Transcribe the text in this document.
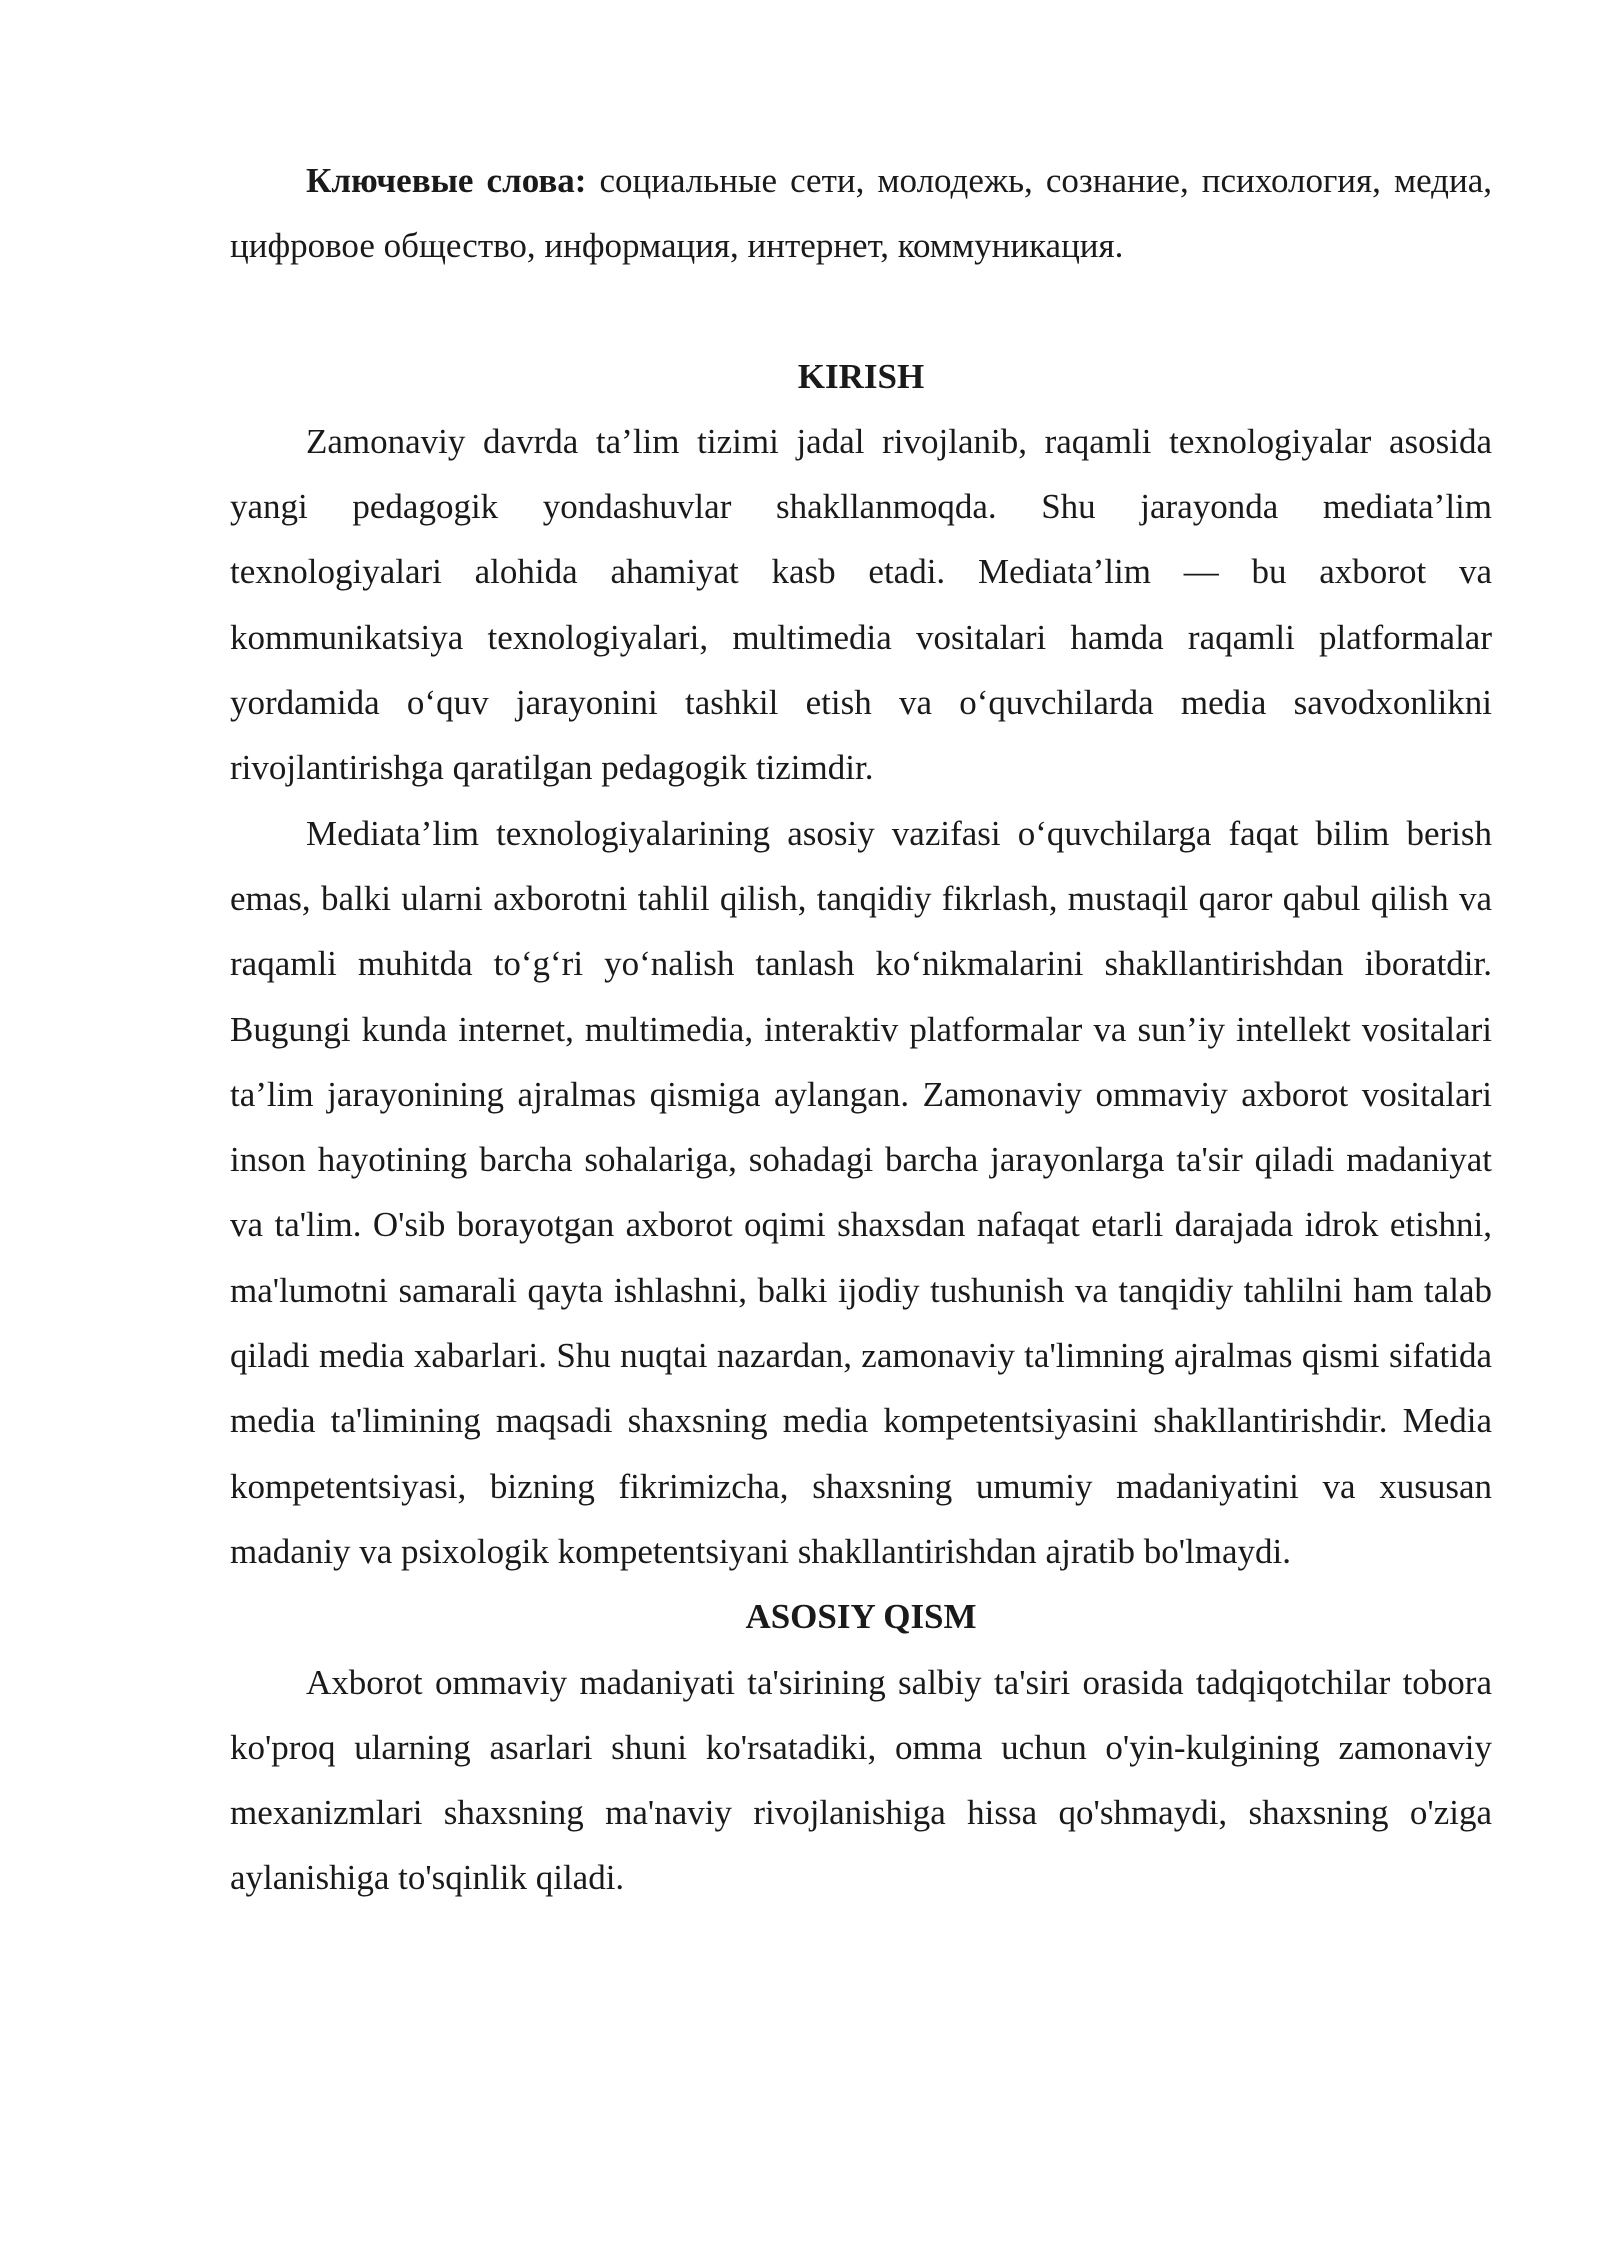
Ключевые слова: социальные сети, молодежь, сознание, психология, медиа, цифровое общество, информация, интернет, коммуникация.

KIRISH

Zamonaviy davrda ta’lim tizimi jadal rivojlanib, raqamli texnologiyalar asosida yangi pedagogik yondashuvlar shakllanmoqda. Shu jarayonda mediata’lim texnologiyalari alohida ahamiyat kasb etadi. Mediata’lim — bu axborot va kommunikatsiya texnologiyalari, multimedia vositalari hamda raqamli platformalar yordamida o‘quv jarayonini tashkil etish va o‘quvchilarda media savodxonlikni rivojlantirishga qaratilgan pedagogik tizimdir.

Mediata’lim texnologiyalarining asosiy vazifasi o‘quvchilarga faqat bilim berish emas, balki ularni axborotni tahlil qilish, tanqidiy fikrlash, mustaqil qaror qabul qilish va raqamli muhitda to‘g‘ri yo‘nalish tanlash ko‘nikmalarini shakllantirishdan iboratdir. Bugungi kunda internet, multimedia, interaktiv platformalar va sun’iy intellekt vositalari ta’lim jarayonining ajralmas qismiga aylangan. Zamonaviy ommaviy axborot vositalari inson hayotining barcha sohalariga, sohadagi barcha jarayonlarga ta'sir qiladi madaniyat va ta'lim. O'sib borayotgan axborot oqimi shaxsdan nafaqat etarli darajada idrok etishni, ma'lumotni samarali qayta ishlashni, balki ijodiy tushunish va tanqidiy tahlilni ham talab qiladi media xabarlari. Shu nuqtai nazardan, zamonaviy ta'limning ajralmas qismi sifatida media ta'limining maqsadi shaxsning media kompetentsiyasini shakllantirishdir. Media kompetentsiyasi, bizning fikrimizcha, shaxsning umumiy madaniyatini va xususan madaniy va psixologik kompetentsiyani shakllantirishdan ajratib bo'lmaydi.

ASOSIY QISM

Axborot ommaviy madaniyati ta'sirining salbiy ta'siri orasida tadqiqotchilar tobora ko'proq ularning asarlari shuni ko'rsatadiki, omma uchun o'yin-kulgining zamonaviy mexanizmlari shaxsning ma'naviy rivojlanishiga hissa qo'shmaydi, shaxsning o'ziga aylanishiga to'sqinlik qiladi.
